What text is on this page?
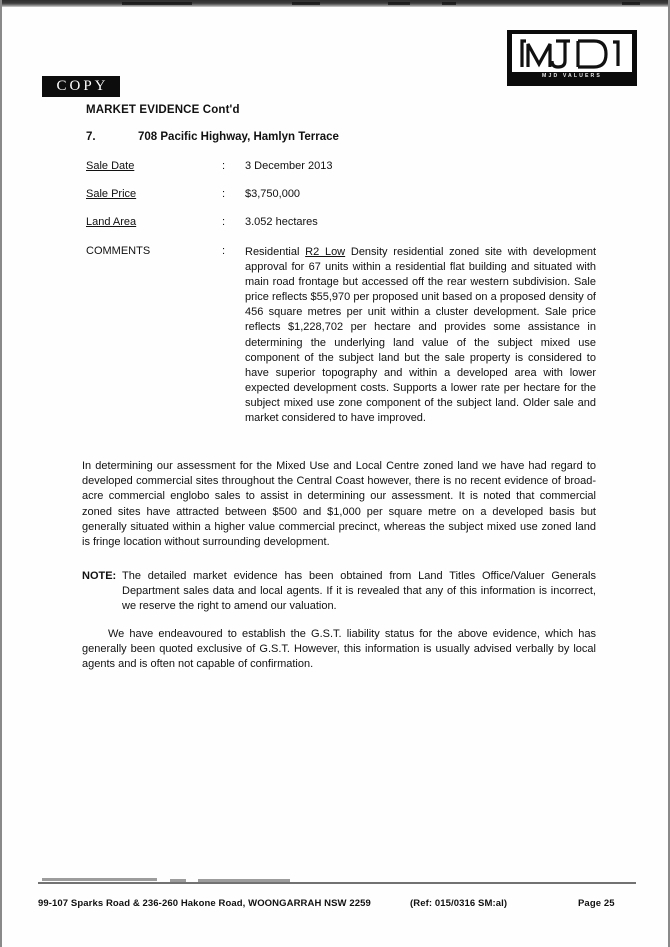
MJD VALUERS
COPY
MARKET EVIDENCE Cont'd
7.	708 Pacific Highway, Hamlyn Terrace
Sale Date	: 3 December 2013
Sale Price	: $3,750,000
Land Area	: 3.052 hectares
COMMENTS	: Residential R2 Low Density residential zoned site with development approval for 67 units within a residential flat building and situated with main road frontage but accessed off the rear western subdivision. Sale price reflects $55,970 per proposed unit based on a proposed density of 456 square metres per unit within a cluster development. Sale price reflects $1,228,702 per hectare and provides some assistance in determining the underlying land value of the subject mixed use component of the subject land but the sale property is considered to have superior topography and within a developed area with lower expected development costs. Supports a lower rate per hectare for the subject mixed use zone component of the subject land. Older sale and market considered to have improved.
In determining our assessment for the Mixed Use and Local Centre zoned land we have had regard to developed commercial sites throughout the Central Coast however, there is no recent evidence of broad-acre commercial englobo sales to assist in determining our assessment. It is noted that commercial zoned sites have attracted between $500 and $1,000 per square metre on a developed basis but generally situated within a higher value commercial precinct, whereas the subject mixed use zoned land is fringe location without surrounding development.
NOTE: The detailed market evidence has been obtained from Land Titles Office/Valuer Generals Department sales data and local agents. If it is revealed that any of this information is incorrect, we reserve the right to amend our valuation.
We have endeavoured to establish the G.S.T. liability status for the above evidence, which has generally been quoted exclusive of G.S.T. However, this information is usually advised verbally by local agents and is often not capable of confirmation.
99-107 Sparks Road & 236-260 Hakone Road, WOONGARRAH NSW 2259	(Ref: 015/0316 SM:al)	Page 25
